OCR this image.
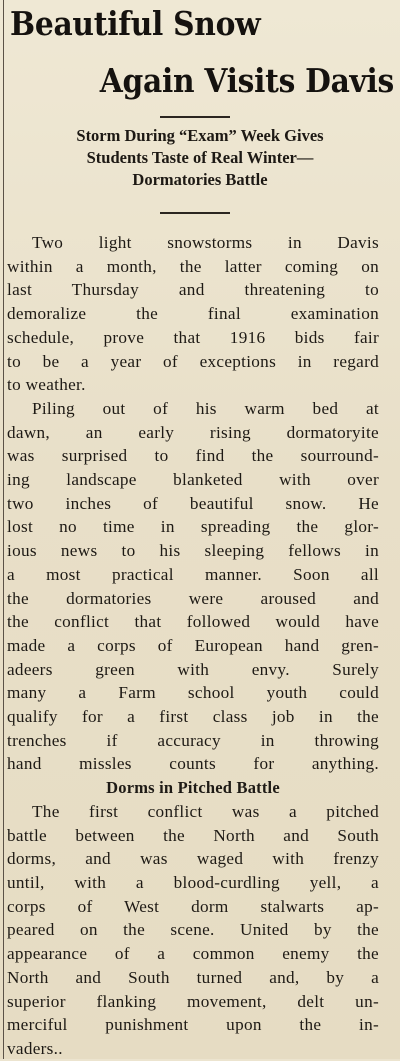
Beautiful Snow
Again Visits Davis
Storm During “Exam” Week Gives
Students Taste of Real Winter—
Dormatories Battle
Two light snowstorms in Davis
within a month, the latter coming on
last Thursday and threatening to
demoralize the final examination
schedule, prove that 1916 bids fair
to be a year of exceptions in regard
to weather.
Piling out of his warm bed at
dawn, an early rising dormatoryite
was surprised to find the sourround-
ing landscape blanketed with over
two inches of beautiful snow. He
lost no time in spreading the glor-
ious news to his sleeping fellows in
a most practical manner. Soon all
the dormatories were aroused and
the conflict that followed would have
made a corps of European hand gren-
adeers green with envy. Surely
many a Farm school youth could
qualify for a first class job in the
trenches if accuracy in throwing
hand missles counts for anything.
Dorms in Pitched Battle
The first conflict was a pitched
battle between the North and South
dorms, and was waged with frenzy
until, with a blood-curdling yell, a
corps of West dorm stalwarts ap-
peared on the scene. United by the
appearance of a common enemy the
North and South turned and, by a
superior flanking movement, delt un-
merciful punishment upon the in-
vaders..
